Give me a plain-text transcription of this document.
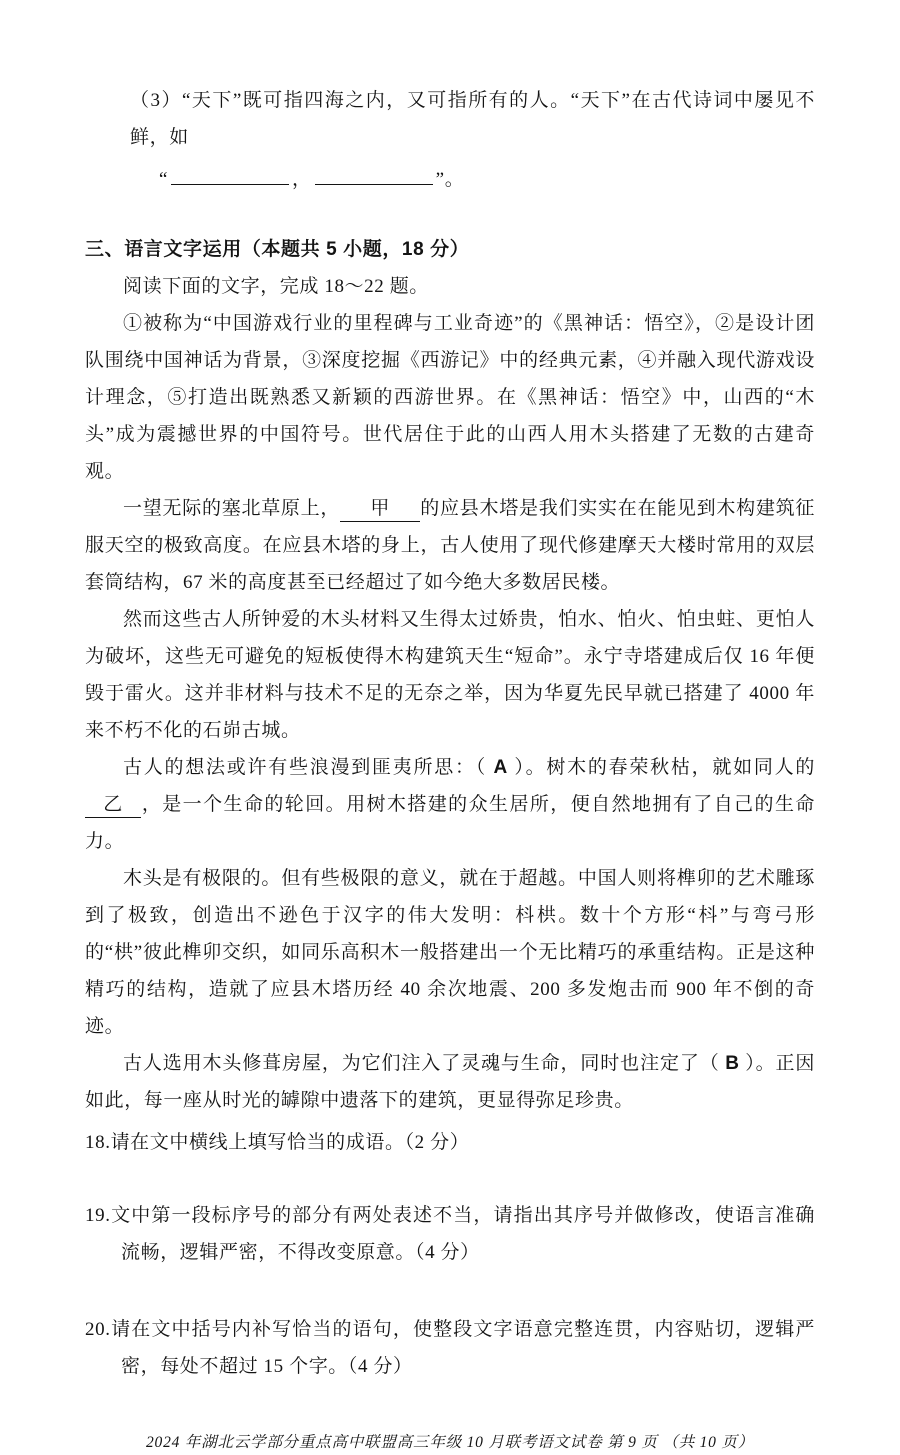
（3）“天下”既可指四海之内，又可指所有的人。“天下”在古代诗词中屡见不鲜，如
“	，	”。
三、语言文字运用（本题共 5 小题，18 分）
阅读下面的文字，完成 18～22 题。

①被称为“中国游戏行业的里程碑与工业奇迹”的《黑神话：悟空》，②是设计团队围绕中国神话为背景，③深度挖掘《西游记》中的经典元素，④并融入现代游戏设计理念，⑤打造出既熟悉又新颖的西游世界。在《黑神话：悟空》中，山西的“木头”成为震撼世界的中国符号。世代居住于此的山西人用木头搭建了无数的古建奇观。

一望无际的塞北草原上， 甲 的应县木塔是我们实实在在能见到木构建筑征服天空的极致高度。在应县木塔的身上，古人使用了现代修建摩天大楼时常用的双层套筒结构，67 米的高度甚至已经超过了如今绝大多数居民楼。

然而这些古人所钟爱的木头材料又生得太过娇贵，怕水、怕火、怕虫蛀、更怕人为破坏，这些无可避免的短板使得木构建筑天生“短命”。永宁寺塔建成后仅 16 年便毁于雷火。这并非材料与技术不足的无奈之举，因为华夏先民早就已搭建了 4000 年来不朽不化的石峁古城。

古人的想法或许有些浪漫到匪夷所思：（ A ）。树木的春荣秋枯，就如同人的乙 ，是一个生命的轮回。用树木搭建的众生居所，便自然地拥有了自己的生命力。

木头是有极限的。但有些极限的意义，就在于超越。中国人则将榫卯的艺术雕琢到了极致，创造出不逊色于汉字的伟大发明：枓栱。数十个方形“枓”与弯弓形的“栱”彼此榫卯交织，如同乐高积木一般搭建出一个无比精巧的承重结构。正是这种精巧的结构，造就了应县木塔历经 40 余次地震、200 多发炮击而 900 年不倒的奇迹。

古人选用木头修葺房屋，为它们注入了灵魂与生命，同时也注定了（ B ）。正因如此，每一座从时光的罅隙中遗落下的建筑，更显得弥足珍贵。

18.请在文中横线上填写恰当的成语。（2 分）

19.文中第一段标序号的部分有两处表述不当，请指出其序号并做修改，使语言准确流畅，逻辑严密，不得改变原意。（4 分）

20.请在文中括号内补写恰当的语句，使整段文字语意完整连贯，内容贴切，逻辑严密，每处不超过 15 个字。（4 分）

2024 年湖北云学部分重点高中联盟高三年级 10 月联考语文试卷 第 9 页 （共 10 页）
